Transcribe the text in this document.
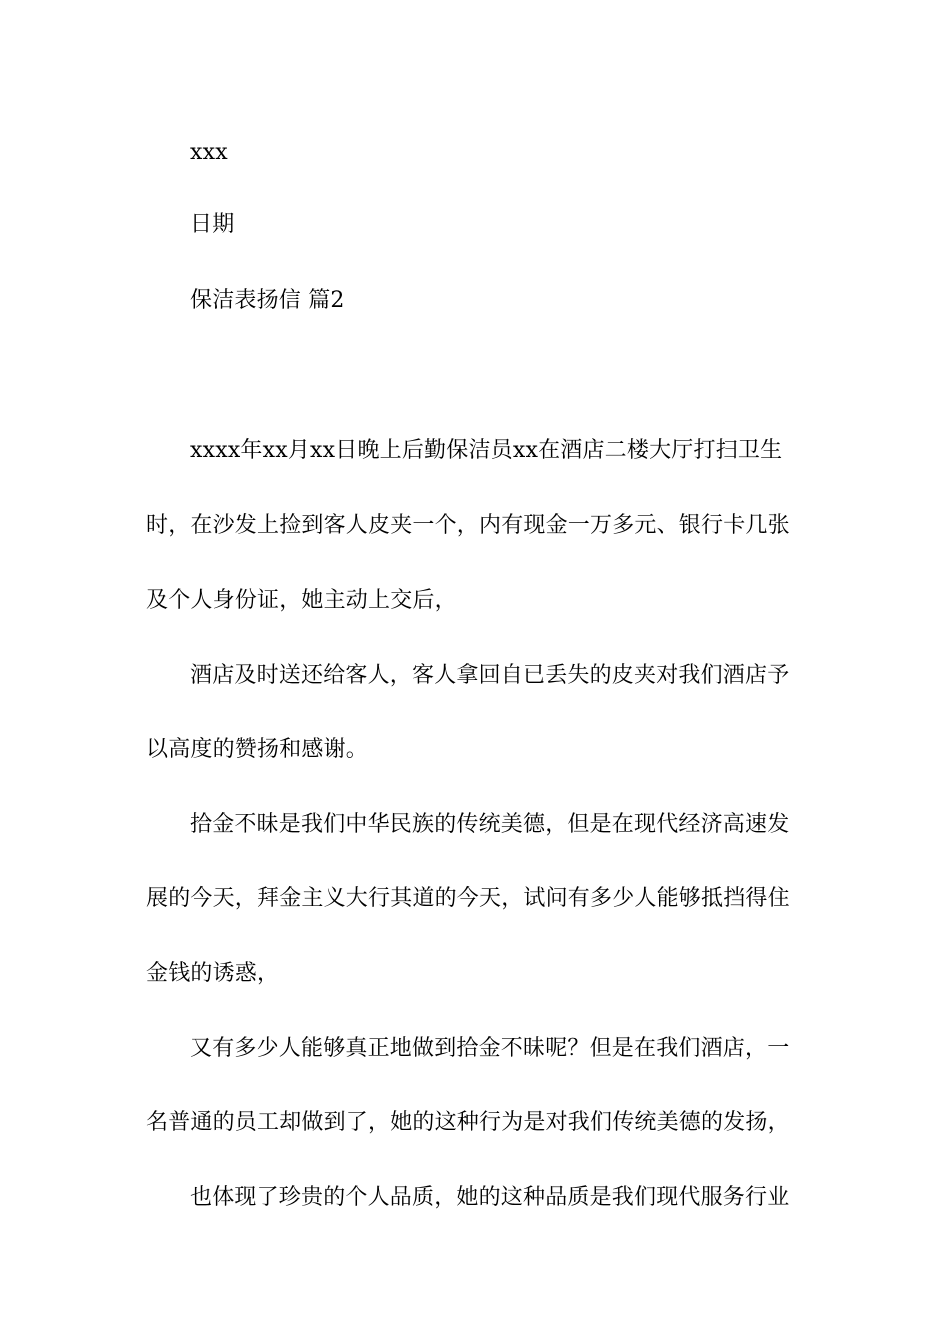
xxx
日期
保洁表扬信 篇2
xxxx年xx月xx日晚上后勤保洁员xx在酒店二楼大厅打扫卫生
时，在沙发上捡到客人皮夹一个，内有现金一万多元、银行卡几张
及个人身份证，她主动上交后，
酒店及时送还给客人，客人拿回自已丢失的皮夹对我们酒店予
以高度的赞扬和感谢。
拾金不昧是我们中华民族的传统美德，但是在现代经济高速发
展的今天，拜金主义大行其道的今天，试问有多少人能够抵挡得住
金钱的诱惑，
又有多少人能够真正地做到拾金不昧呢？但是在我们酒店，一
名普通的员工却做到了，她的这种行为是对我们传统美德的发扬，
也体现了珍贵的个人品质，她的这种品质是我们现代服务行业
